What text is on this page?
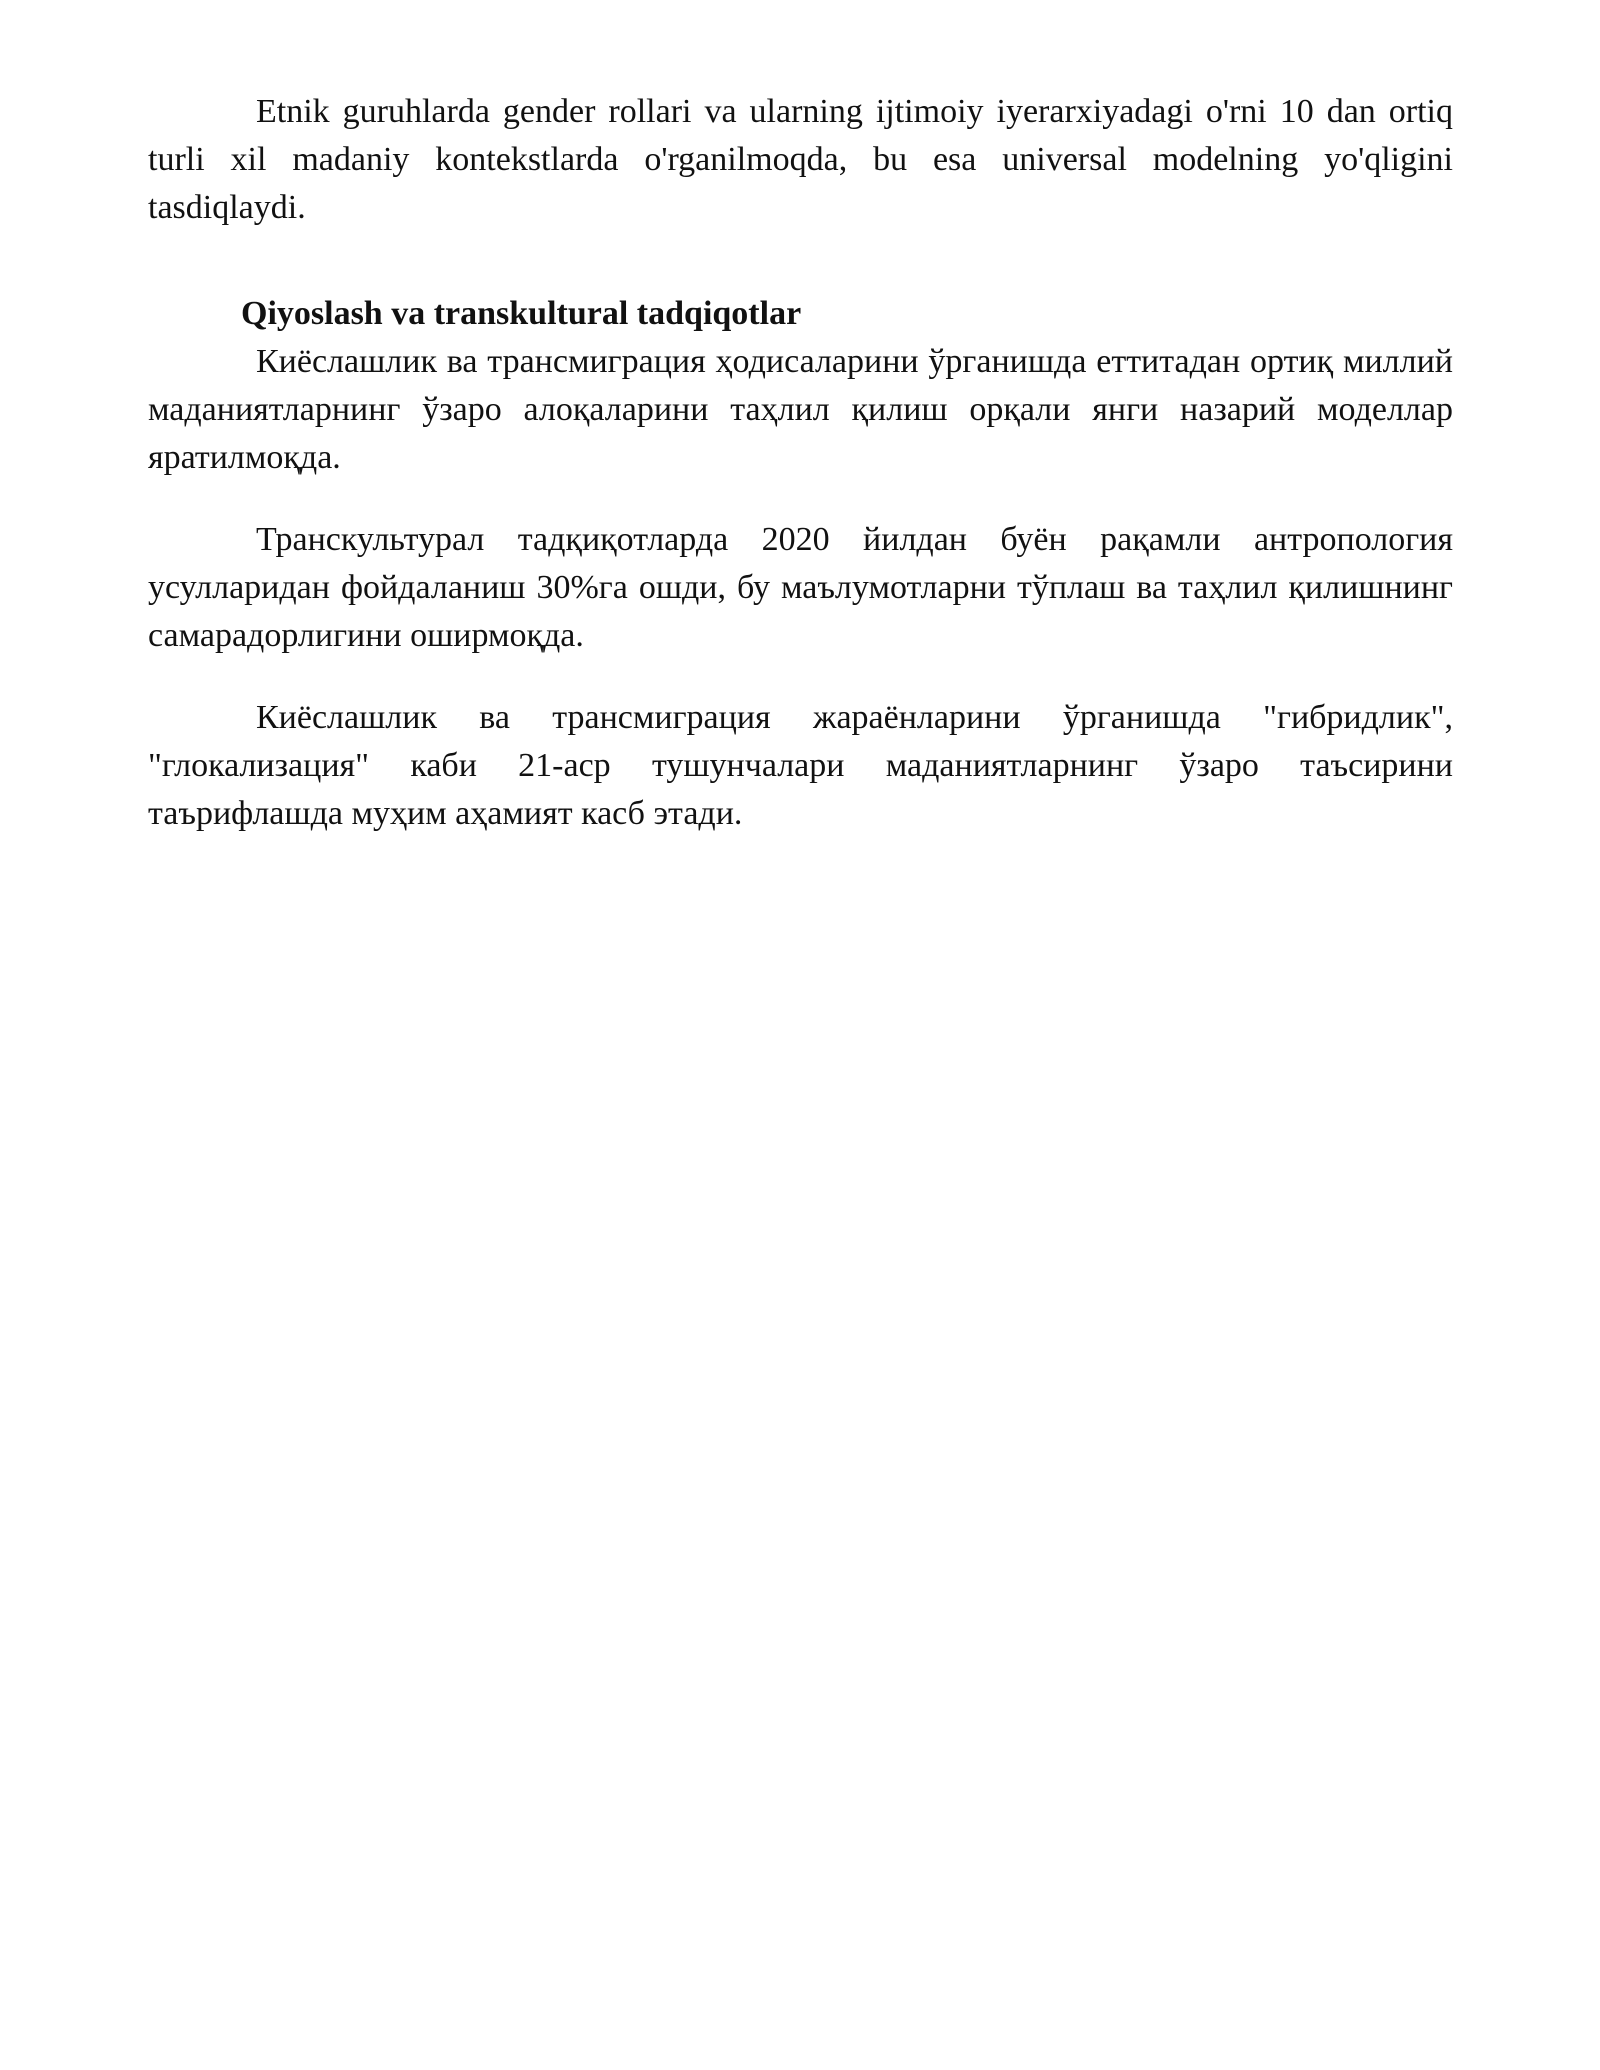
Etnik guruhlarda gender rollari va ularning ijtimoiy iyerarxiyadagi o'rni 10 dan ortiq turli xil madaniy kontekstlarda o'rganilmoqda, bu esa universal modelning yo'qligini tasdiqlaydi.

Qiyoslash va transkultural tadqiqotlar

Киёслашлик ва трансмиграция ҳодисаларини ўрганишда еттитадан ортиқ миллий маданиятларнинг ўзаро алоқаларини таҳлил қилиш орқали янги назарий моделлар яратилмоқда.

Транскультурал тадқиқотларда 2020 йилдан буён рақамли антропология усулларидан фойдаланиш 30%га ошди, бу маълумотларни тўплаш ва таҳлил қилишнинг самарадорлигини оширмоқда.

Киёслашлик ва трансмиграция жараёнларини ўрганишда "гибридлик", "глокализация" каби 21-аср тушунчалари маданиятларнинг ўзаро таъсирини таърифлашда муҳим аҳамият касб этади.
